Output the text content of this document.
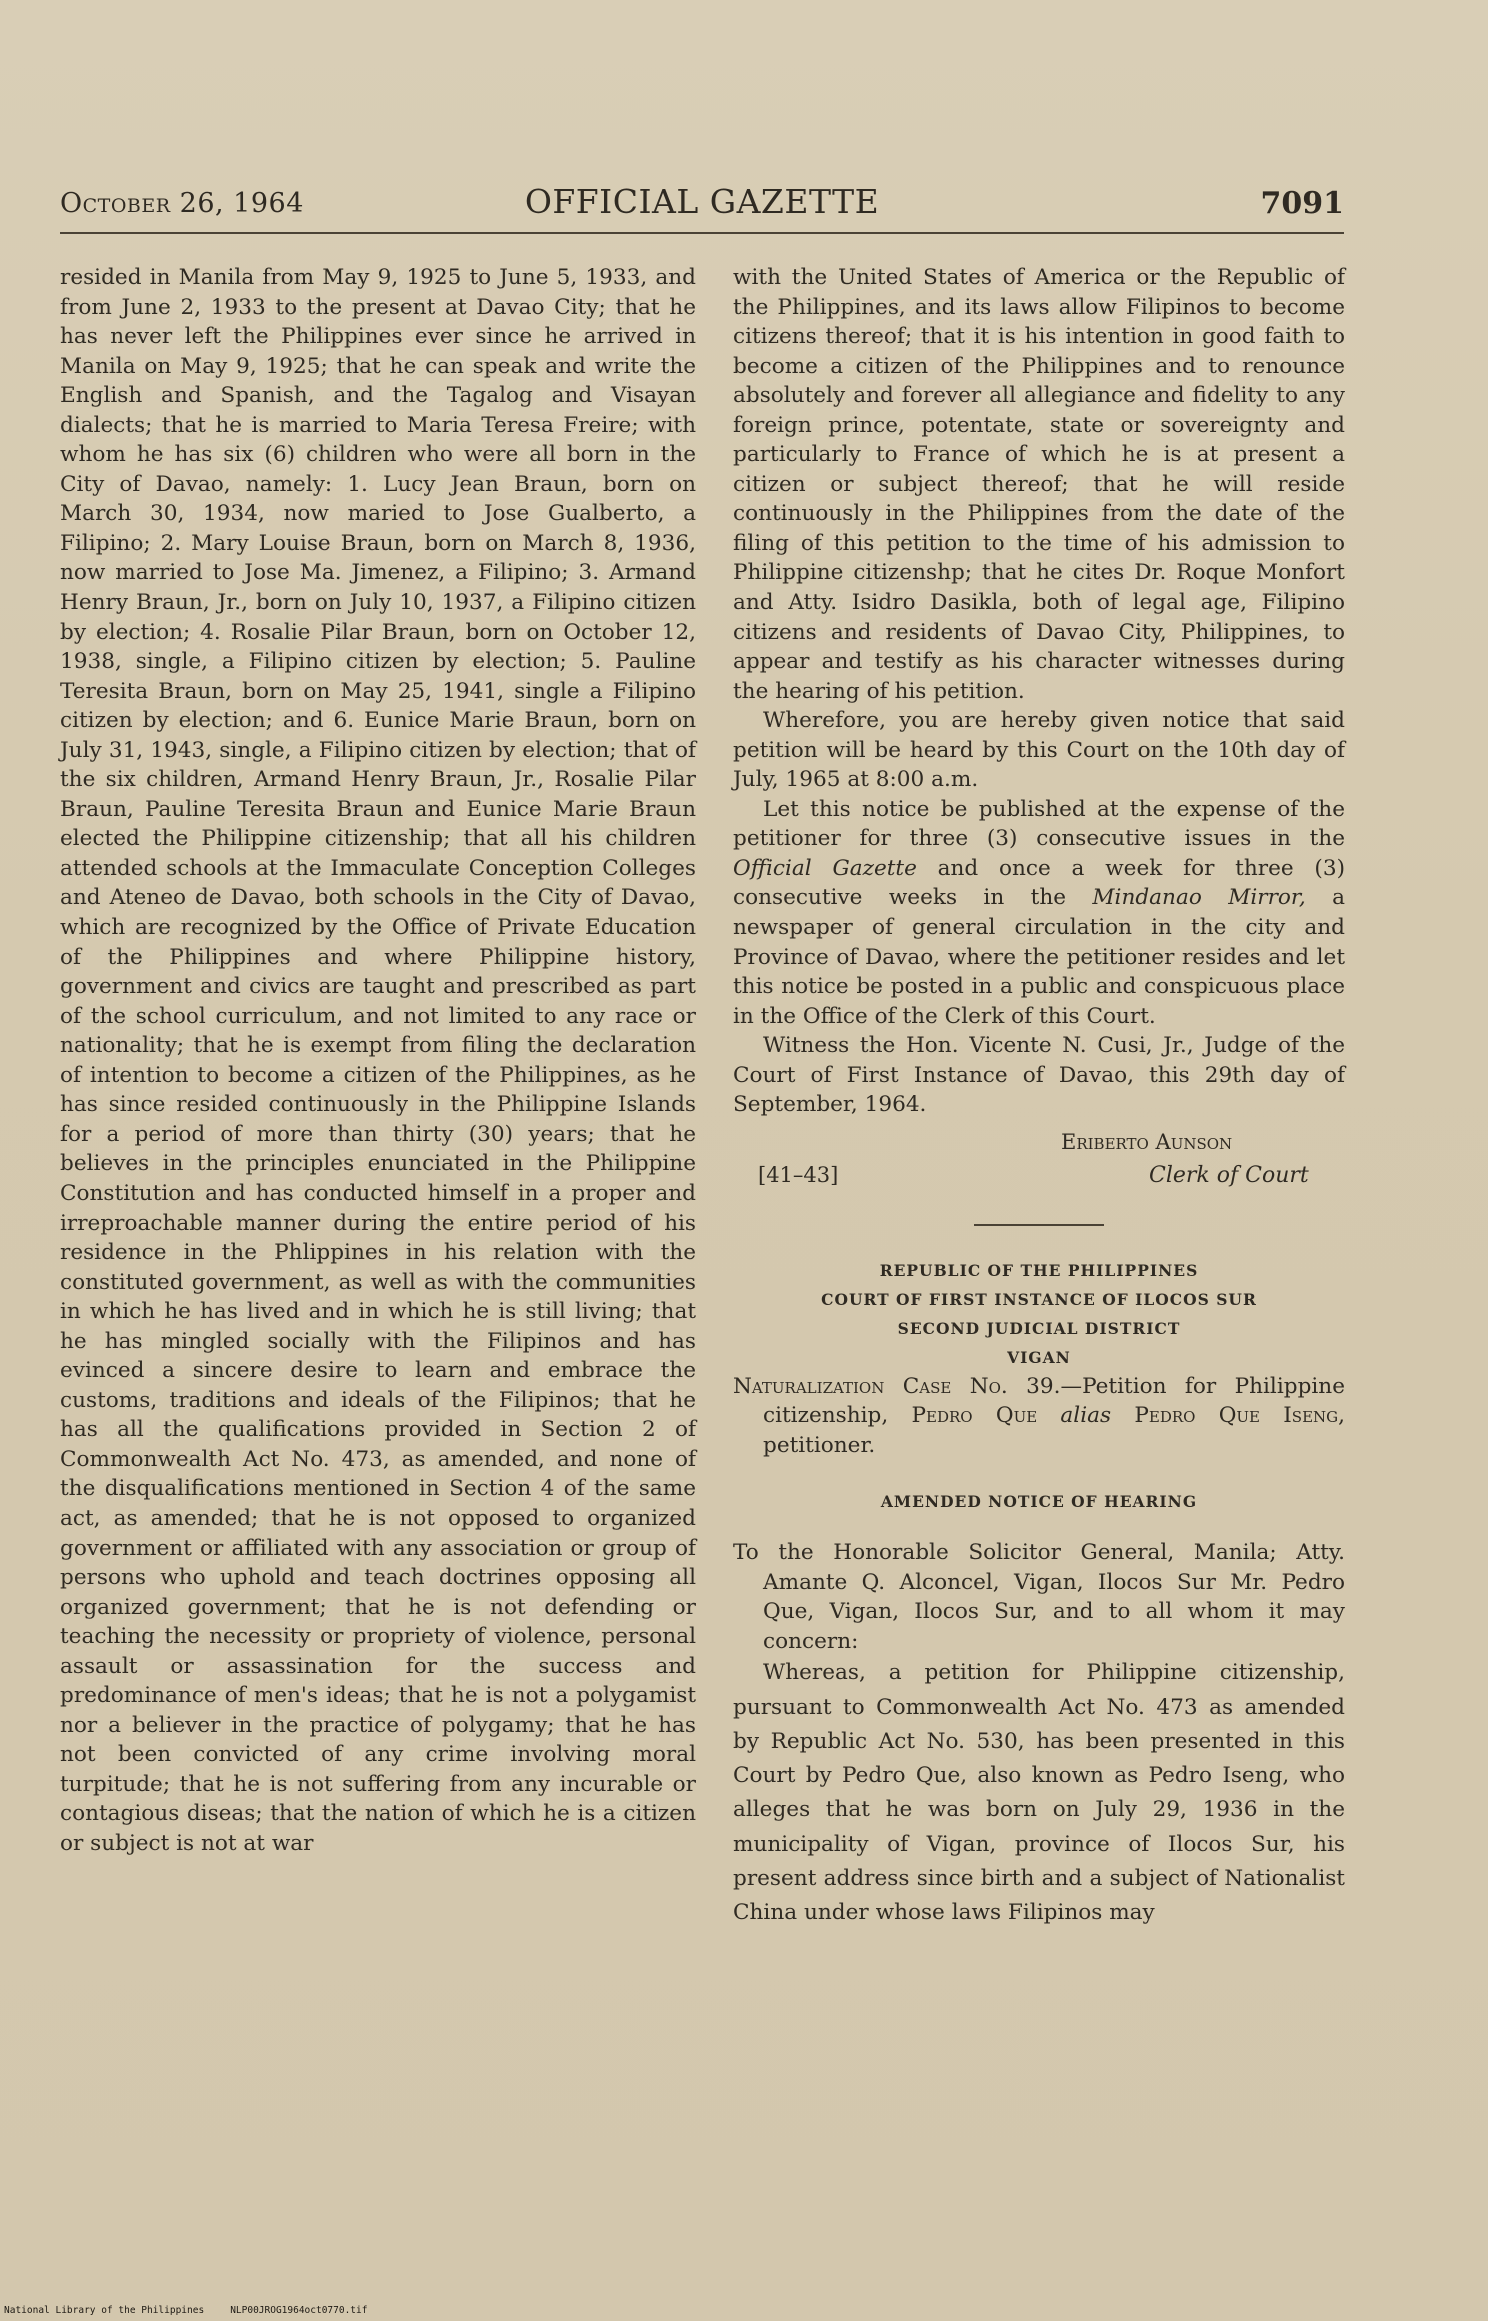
October 26, 1964	OFFICIAL GAZETTE	7091

resided in Manila from May 9, 1925 to June 5, 1933, and from June 2, 1933 to the present at Davao City; that he has never left the Philippines ever since he arrived in Manila on May 9, 1925; that he can speak and write the English and Spanish, and the Tagalog and Visayan dialects; that he is married to Maria Teresa Freire; with whom he has six (6) children who were all born in the City of Davao, namely: 1. Lucy Jean Braun, born on March 30, 1934, now maried to Jose Gualberto, a Filipino; 2. Mary Louise Braun, born on March 8, 1936, now married to Jose Ma. Jimenez, a Filipino; 3. Armand Henry Braun, Jr., born on July 10, 1937, a Filipino citizen by election; 4. Rosalie Pilar Braun, born on October 12, 1938, single, a Filipino citizen by election; 5. Pauline Teresita Braun, born on May 25, 1941, single a Filipino citizen by election; and 6. Eunice Marie Braun, born on July 31, 1943, single, a Filipino citizen by election; that of the six children, Armand Henry Braun, Jr., Rosalie Pilar Braun, Pauline Teresita Braun and Eunice Marie Braun elected the Philippine citizenship; that all his children attended schools at the Immaculate Conception Colleges and Ateneo de Davao, both schools in the City of Davao, which are recognized by the Office of Private Education of the Philippines and where Philippine history, government and civics are taught and prescribed as part of the school curriculum, and not limited to any race or nationality; that he is exempt from filing the declaration of intention to become a citizen of the Philippines, as he has since resided continuously in the Philippine Islands for a period of more than thirty (30) years; that he believes in the principles enunciated in the Philippine Constitution and has conducted himself in a proper and irreproachable manner during the entire period of his residence in the Phlippines in his relation with the constituted government, as well as with the communities in which he has lived and in which he is still living; that he has mingled socially with the Filipinos and has evinced a sincere desire to learn and embrace the customs, traditions and ideals of the Filipinos; that he has all the qualifications provided in Section 2 of Commonwealth Act No. 473, as amended, and none of the disqualifications mentioned in Section 4 of the same act, as amended; that he is not opposed to organized government or affiliated with any association or group of persons who uphold and teach doctrines opposing all organized government; that he is not defending or teaching the necessity or propriety of violence, personal assault or assassination for the success and predominance of men's ideas; that he is not a polygamist nor a believer in the practice of polygamy; that he has not been convicted of any crime involving moral turpitude; that he is not suffering from any incurable or contagious diseas; that the nation of which he is a citizen or subject is not at war

with the United States of America or the Republic of the Philippines, and its laws allow Filipinos to become citizens thereof; that it is his intention in good faith to become a citizen of the Philippines and to renounce absolutely and forever all allegiance and fidelity to any foreign prince, potentate, state or sovereignty and particularly to France of which he is at present a citizen or subject thereof; that he will reside continuously in the Philippines from the date of the filing of this petition to the time of his admission to Philippine citizenshp; that he cites Dr. Roque Monfort and Atty. Isidro Dasikla, both of legal age, Filipino citizens and residents of Davao City, Philippines, to appear and testify as his character witnesses during the hearing of his petition.

Wherefore, you are hereby given notice that said petition will be heard by this Court on the 10th day of July, 1965 at 8:00 a.m.

Let this notice be published at the expense of the petitioner for three (3) consecutive issues in the Official Gazette and once a week for three (3) consecutive weeks in the Mindanao Mirror, a newspaper of general circulation in the city and Province of Davao, where the petitioner resides and let this notice be posted in a public and conspicuous place in the Office of the Clerk of this Court.

Witness the Hon. Vicente N. Cusi, Jr., Judge of the Court of First Instance of Davao, this 29th day of September, 1964.

Eriberto Aunson
[41–43]	Clerk of Court
REPUBLIC OF THE PHILIPPINES
COURT OF FIRST INSTANCE OF ILOCOS SUR
SECOND JUDICIAL DISTRICT
VIGAN

Naturalization Case No. 39.—Petition for Philippine citizenship, Pedro Que alias Pedro Que Iseng, petitioner.

AMENDED NOTICE OF HEARING

To the Honorable Solicitor General, Manila; Atty. Amante Q. Alconcel, Vigan, Ilocos Sur Mr. Pedro Que, Vigan, Ilocos Sur, and to all whom it may concern:

Whereas, a petition for Philippine citizenship, pursuant to Commonwealth Act No. 473 as amended by Republic Act No. 530, has been presented in this Court by Pedro Que, also known as Pedro Iseng, who alleges that he was born on July 29, 1936 in the municipality of Vigan, province of Ilocos Sur, his present address since birth and a subject of Nationalist China under whose laws Filipinos may

National Library of the Philippines	NLP00JROG1964oct0770.tif
